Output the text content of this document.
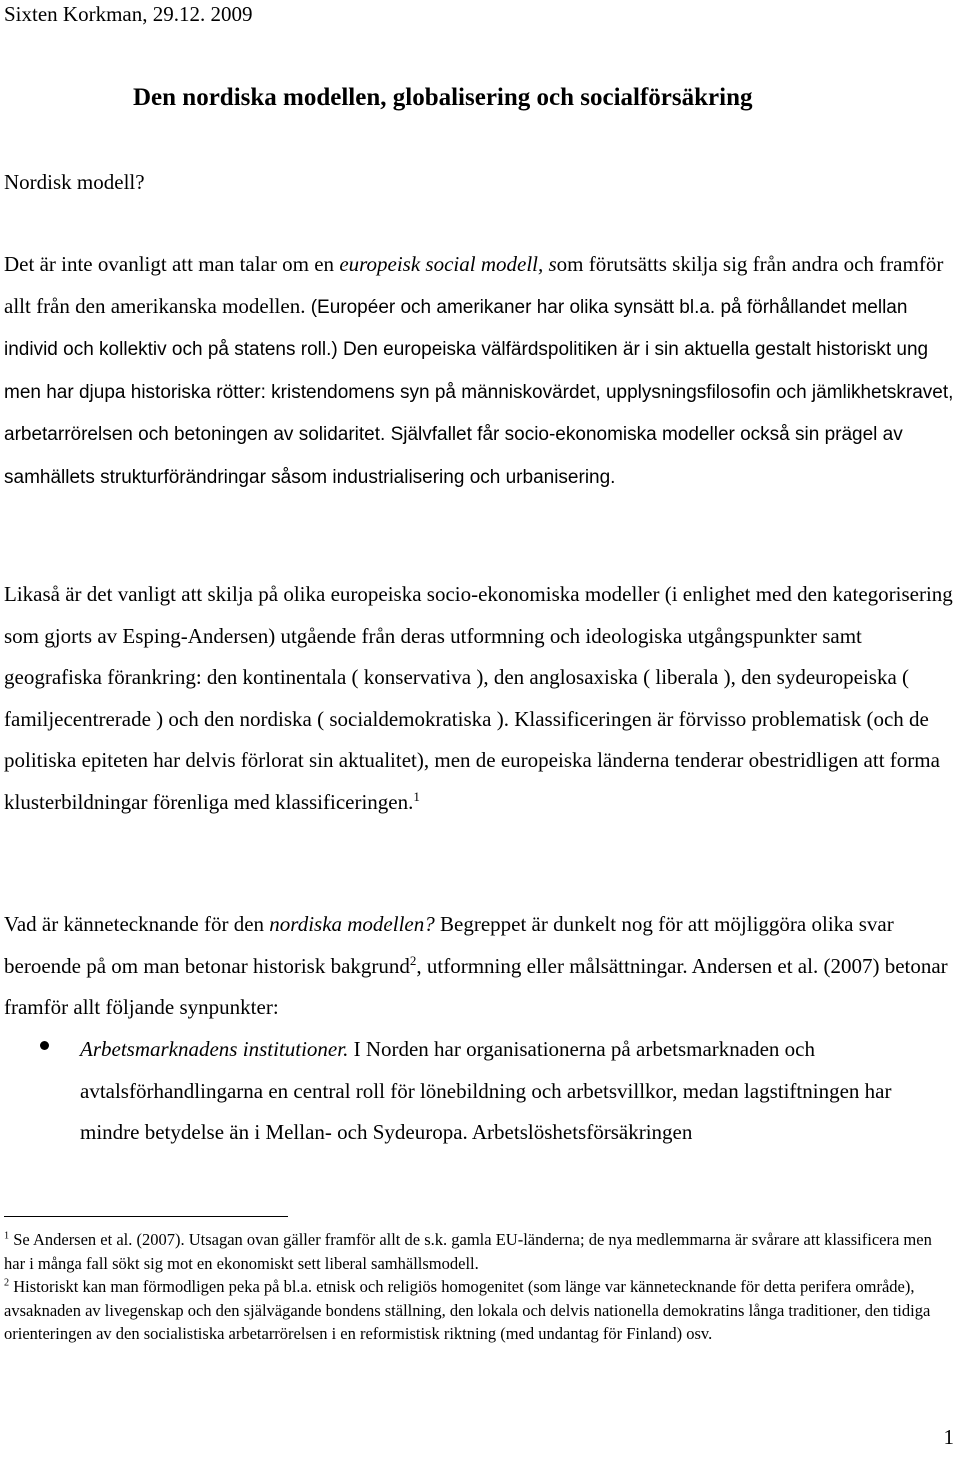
Sixten Korkman, 29.12. 2009
Den nordiska modellen, globalisering och socialförsäkring
Nordisk modell?

Det är inte ovanligt att man talar om en europeisk social modell, som förutsätts skilja sig från andra och framför allt från den amerikanska modellen. (Européer och amerikaner har olika synsätt bl.a. på förhållandet mellan individ och kollektiv och på statens roll.) Den europeiska välfärdspolitiken är i sin aktuella gestalt historiskt ung men har djupa historiska rötter: kristendomens syn på människovärdet, upplysningsfilosofin och jämlikhetskravet, arbetarrörelsen och betoningen av solidaritet. Självfallet får socio-ekonomiska modeller också sin prägel av samhällets strukturförändringar såsom industrialisering och urbanisering.

Likaså är det vanligt att skilja på olika europeiska socio-ekonomiska modeller (i enlighet med den kategorisering som gjorts av Esping-Andersen) utgående från deras utformning och ideologiska utgångspunkter samt geografiska förankring: den kontinentala ( konservativa ), den anglosaxiska ( liberala ), den sydeuropeiska ( familjecentrerade ) och den nordiska ( socialdemokratiska ). Klassificeringen är förvisso problematisk (och de politiska epiteten har delvis förlorat sin aktualitet), men de europeiska länderna tenderar obestridligen att forma klusterbildningar förenliga med klassificeringen.$^1$

Vad är kännetecknande för den nordiska modellen? Begreppet är dunkelt nog för att möjliggöra olika svar beroende på om man betonar historisk bakgrund$^2$, utformning eller målsättningar. Andersen et al. (2007) betonar framför allt följande synpunkter:

Arbetsmarknadens institutioner. I Norden har organisationerna på arbetsmarknaden och avtalsförhandlingarna en central roll för lönebildning och arbetsvillkor, medan lagstiftningen har mindre betydelse än i Mellan- och Sydeuropa. Arbetslöshetsförsäkringen

$^1$ Se Andersen et al. (2007). Utsagan ovan gäller framför allt de s.k. gamla EU-länderna; de nya medlemmarna är svårare att klassificera men har i många fall sökt sig mot en ekonomiskt sett liberal samhällsmodell.

$^2$ Historiskt kan man förmodligen peka på bl.a. etnisk och religiös homogenitet (som länge var kännetecknande för detta perifera område), avsaknaden av livegenskap och den självägande bondens ställning, den lokala och delvis nationella demokratins långa traditioner, den tidiga orienteringen av den socialistiska arbetarrörelsen i en reformistisk riktning (med undantag för Finland) osv.

1
